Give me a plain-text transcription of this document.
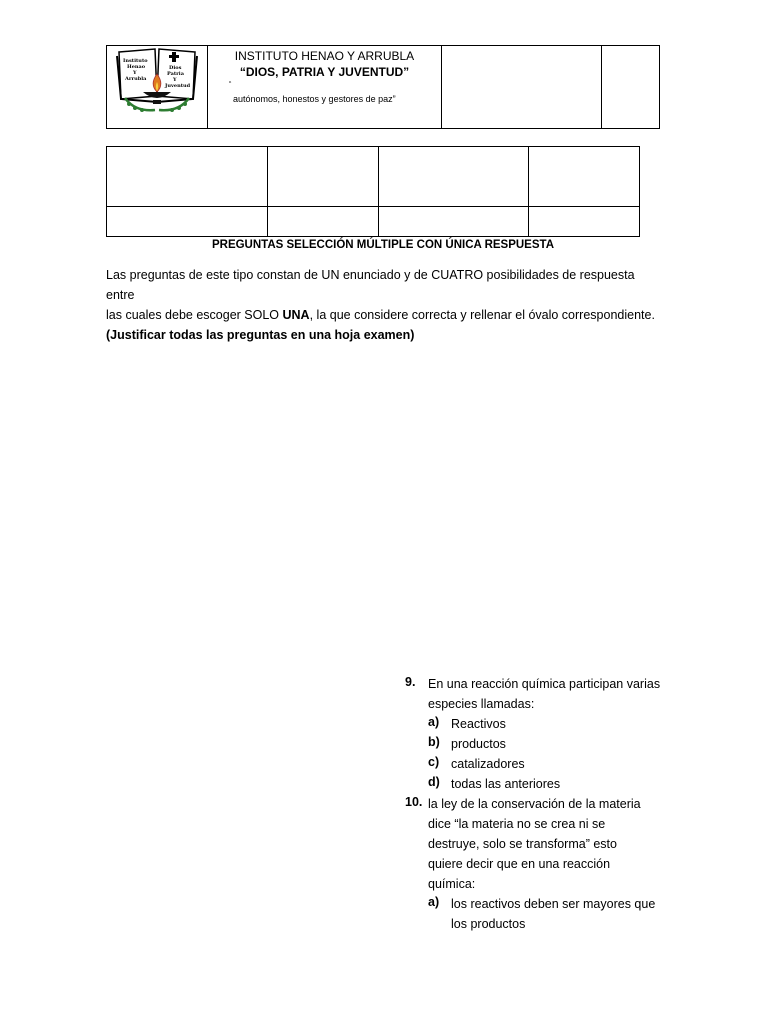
Instituto
Henao
Y
Arrubla
Dios
Patria
Y
Juventud
INSTITUTO HENAO Y ARRUBLA
“DIOS, PATRIA Y JUVENTUD”
“
autónomos, honestos y gestores de paz”
PREGUNTAS SELECCIÓN MÚLTIPLE CON ÚNICA RESPUESTA
Las preguntas de este tipo constan de UN enunciado y de CUATRO posibilidades de respuesta entre
las cuales debe escoger SOLO UNA, la que considere correcta y rellenar el óvalo correspondiente.
(Justificar todas las preguntas en una hoja examen)
9. En una reacción química participan varias
especies llamadas:
a) Reactivos
b) productos
c) catalizadores
d) todas las anteriores
10. la ley de la conservación de la materia
dice “la materia no se crea ni se
destruye, solo se transforma” esto
quiere decir que en una reacción
química:
a) los reactivos deben ser mayores que
los productos
